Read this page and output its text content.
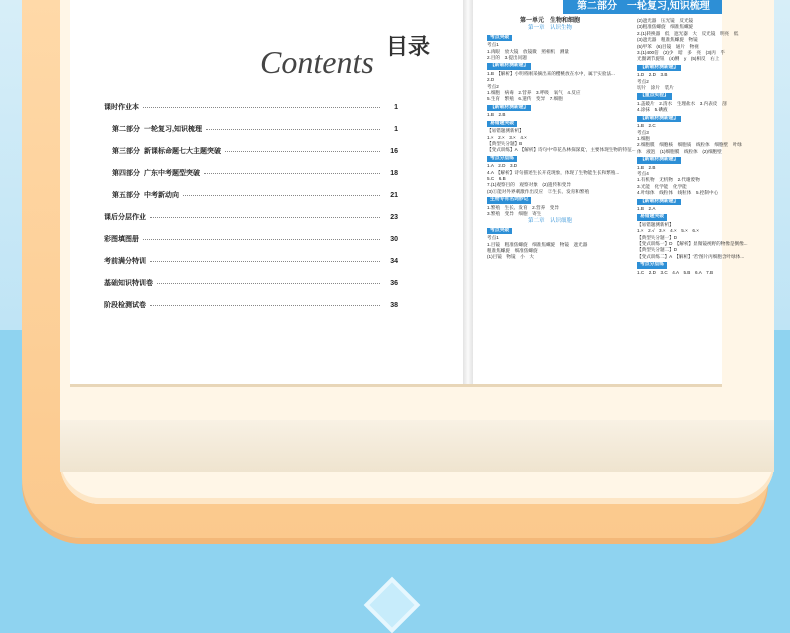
目录
Contents
课时作业本	1
第二部分 一轮复习,知识梳理	1
第三部分 新课标命题七大主题突破	16
第四部分 广东中考题型突破	18
第五部分 中考新动向	21
课后分层作业	23
彩图填图册	30
考前满分特训	34
基础知识特训卷	36
阶段检测试卷	38
第二部分　一轮复习,知识梳理
第一单元　生物和细胞
第一章　认识生物
考点突破
考点1
1.肉眼　放大镜　放镜微　照相机　测量
2.目的　3.提出问题
【新载材测新题】
1.B　【解析】小明将刚采摘出来的樱桃放在水中，属于实验法...
2.D
考点2
1.细胞　病毒　2.营养　3.呼吸　氧气　4.反应
5.生育　繁殖　6.遗传　变异　7.细胞
【新载材测新题】
1.B　2.B
易错题突破
【易错题测新析】
1.×　2.×　3.×　4.×
【典型失分题】B
【变式训练】A　【解析】诗句中'草花丛林探深夏'，主要体现生物的特征...
考点分层练
1.A　2.D　3.D
4.A　【解析】诗句描述生长开花现象，体现了生物能生长和繁殖...
5.C　6.B
7.(1)观察目的　观察对象　(2)遗传和变异
(3)①能对外界刺激作出反应　②生长、发育和繁殖
生物专有名词妙记
1.繁殖　生长、发育　2.营养　变异
3.繁殖　变异　细胞　寄生
第二章　认识细胞
考点突破
考点1
1.目镜　粗准焦螺旋　细准焦螺旋　物镜　遮光器
粗准焦螺旋　细准焦螺旋
(1)目镜　物镜　小　大
(2)遮光器　压光镜　反光镜
(3)粗准焦螺旋　细准焦螺旋
2.(1)转换器　低　遮光器　大　反光镜　明亮　低
(3)遮光器　粗准焦螺旋　物镜
(5)甲苯　(6)目镜　通片　物视
3.(1)400倍　(2)少　暗　多　亮　(3)丙　乎
光圈调节旋钮　(4)侧　y　(5)相反　右上
【新载材测新题】
1.D　2.D　3.B
考点2
切片　涂片　装片
【重点实验】
1.盖破片　2.清水　生理盐水　3.内表皮　剖
4.涂抹　5.碘液
【新载材测新题】
1.B　2.C
考点3
1.细胞
2.细胞膜　细胞核　细胞质　线粒体　细胞壁　叶绿
体　液泡　(1)细胞膜　线粒体　(2)细胞壁
【新载材测新题】
1.B　2.B
考点4
1.有机物　无机物　2.代谢废物
3.光能　化学能　化学能
4.叶绿体　线粒体　线粒体　5.控制中心
【新载材测新题】
1.B　2.A
易错题突破
【易错题测新析】
1.×　2.√　3.×　4.×　5.×　6.×
【典型失分题一】D
【变式训练一】D　【解析】显微镜视野的物像是倒像...
【典型失分题二】D
【变式训练二】A　【解析】'若'图片丙细胞含叶绿体...
考点分层练
1.C　2.D　3.C　4.A　5.B　6.A　7.B
